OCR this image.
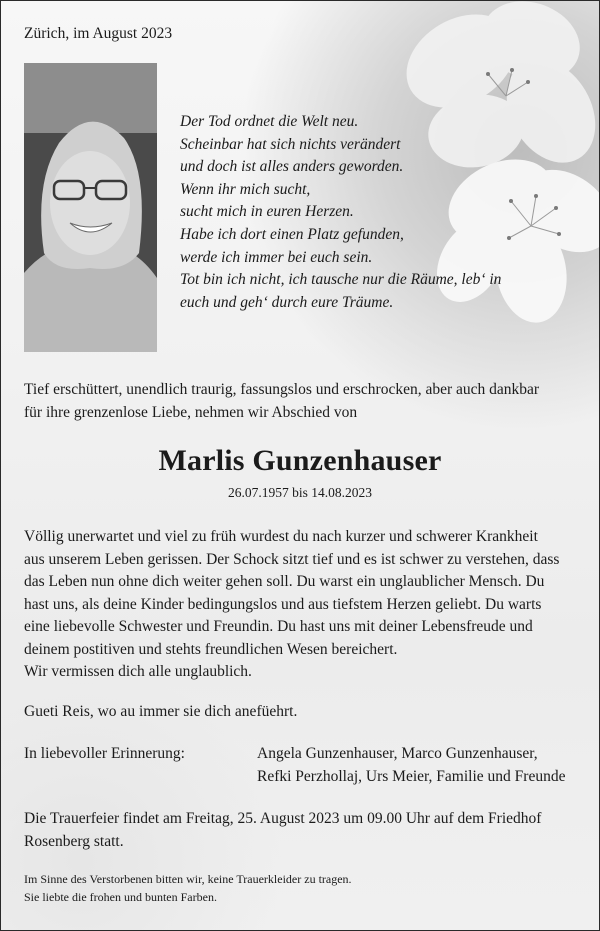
Zürich, im August 2023
Der Tod ordnet die Welt neu.
Scheinbar hat sich nichts verändert
und doch ist alles anders geworden.
Wenn ihr mich sucht,
sucht mich in euren Herzen.
Habe ich dort einen Platz gefunden,
werde ich immer bei euch sein.
Tot bin ich nicht, ich tausche nur die Räume, leb‘ in
euch und geh‘ durch eure Träume.
Tief erschüttert, unendlich traurig, fassungslos und erschrocken, aber auch dankbar
für ihre grenzenlose Liebe, nehmen wir Abschied von
Marlis Gunzenhauser
26.07.1957 bis 14.08.2023
Völlig unerwartet und viel zu früh wurdest du nach kurzer und schwerer Krankheit
aus unserem Leben gerissen. Der Schock sitzt tief und es ist schwer zu verstehen, dass
das Leben nun ohne dich weiter gehen soll. Du warst ein unglaublicher Mensch. Du
hast uns, als deine Kinder bedingungslos und aus tiefstem Herzen geliebt. Du warts
eine liebevolle Schwester und Freundin. Du hast uns mit deiner Lebensfreude und
deinem postitiven und stehts freundlichen Wesen bereichert.
Wir vermissen dich alle unglaublich.
Gueti Reis, wo au immer sie dich anefüehrt.
In liebevoller Erinnerung:	Angela Gunzenhauser, Marco Gunzenhauser,
Refki Perzhollaj, Urs Meier, Familie und Freunde
Die Trauerfeier findet am Freitag, 25. August 2023 um 09.00 Uhr auf dem Friedhof
Rosenberg statt.
Im Sinne des Verstorbenen bitten wir, keine Trauerkleider zu tragen.
Sie liebte die frohen und bunten Farben.
